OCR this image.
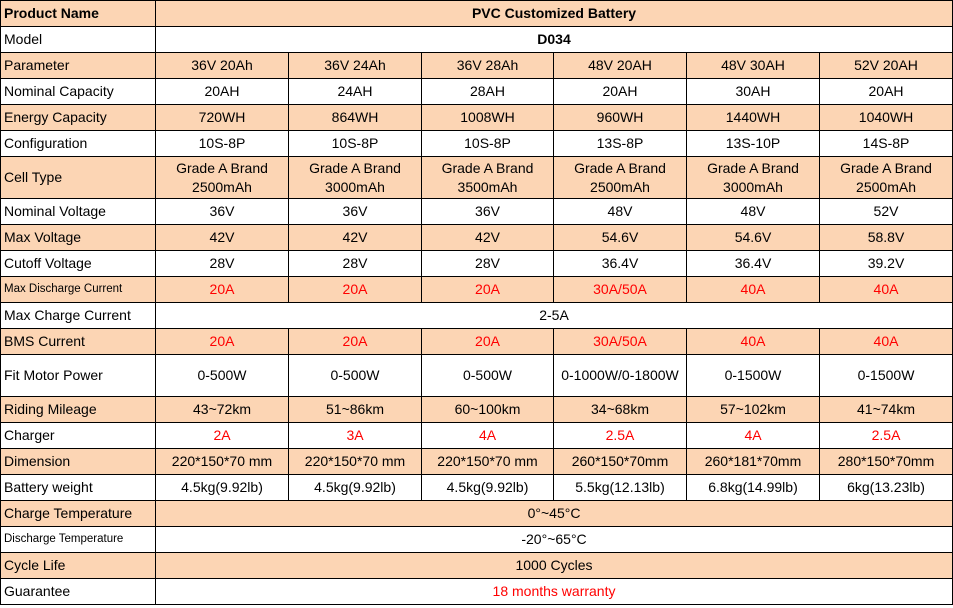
Product Name	PVC Customized Battery					
Model	D034					
Parameter	36V 20Ah	36V 24Ah	36V 28Ah	48V 20AH	48V 30AH	52V 20AH
Nominal Capacity	20AH	24AH	28AH	20AH	30AH	20AH
Energy Capacity	720WH	864WH	1008WH	960WH	1440WH	1040WH
Configuration	10S-8P	10S-8P	10S-8P	13S-8P	13S-10P	14S-8P
Cell Type	Grade A Brand 2500mAh	Grade A Brand 3000mAh	Grade A Brand 3500mAh	Grade A Brand 2500mAh	Grade A Brand 3000mAh	Grade A Brand 2500mAh
Nominal Voltage	36V	36V	36V	48V	48V	52V
Max Voltage	42V	42V	42V	54.6V	54.6V	58.8V
Cutoff Voltage	28V	28V	28V	36.4V	36.4V	39.2V
Max Discharge Current	20A	20A	20A	30A/50A	40A	40A
Max Charge Current	2-5A					
BMS Current	20A	20A	20A	30A/50A	40A	40A
Fit Motor Power	0-500W	0-500W	0-500W	0-1000W/0-1800W	0-1500W	0-1500W
Riding Mileage	43~72km	51~86km	60~100km	34~68km	57~102km	41~74km
Charger	2A	3A	4A	2.5A	4A	2.5A
Dimension	220*150*70 mm	220*150*70 mm	220*150*70 mm	260*150*70mm	260*181*70mm	280*150*70mm
Battery weight	4.5kg(9.92lb)	4.5kg(9.92lb)	4.5kg(9.92lb)	5.5kg(12.13lb)	6.8kg(14.99lb)	6kg(13.23lb)
Charge Temperature	0°~45°C					
Discharge Temperature	-20°~65°C					
Cycle Life	1000 Cycles					
Guarantee	18 months warranty					
